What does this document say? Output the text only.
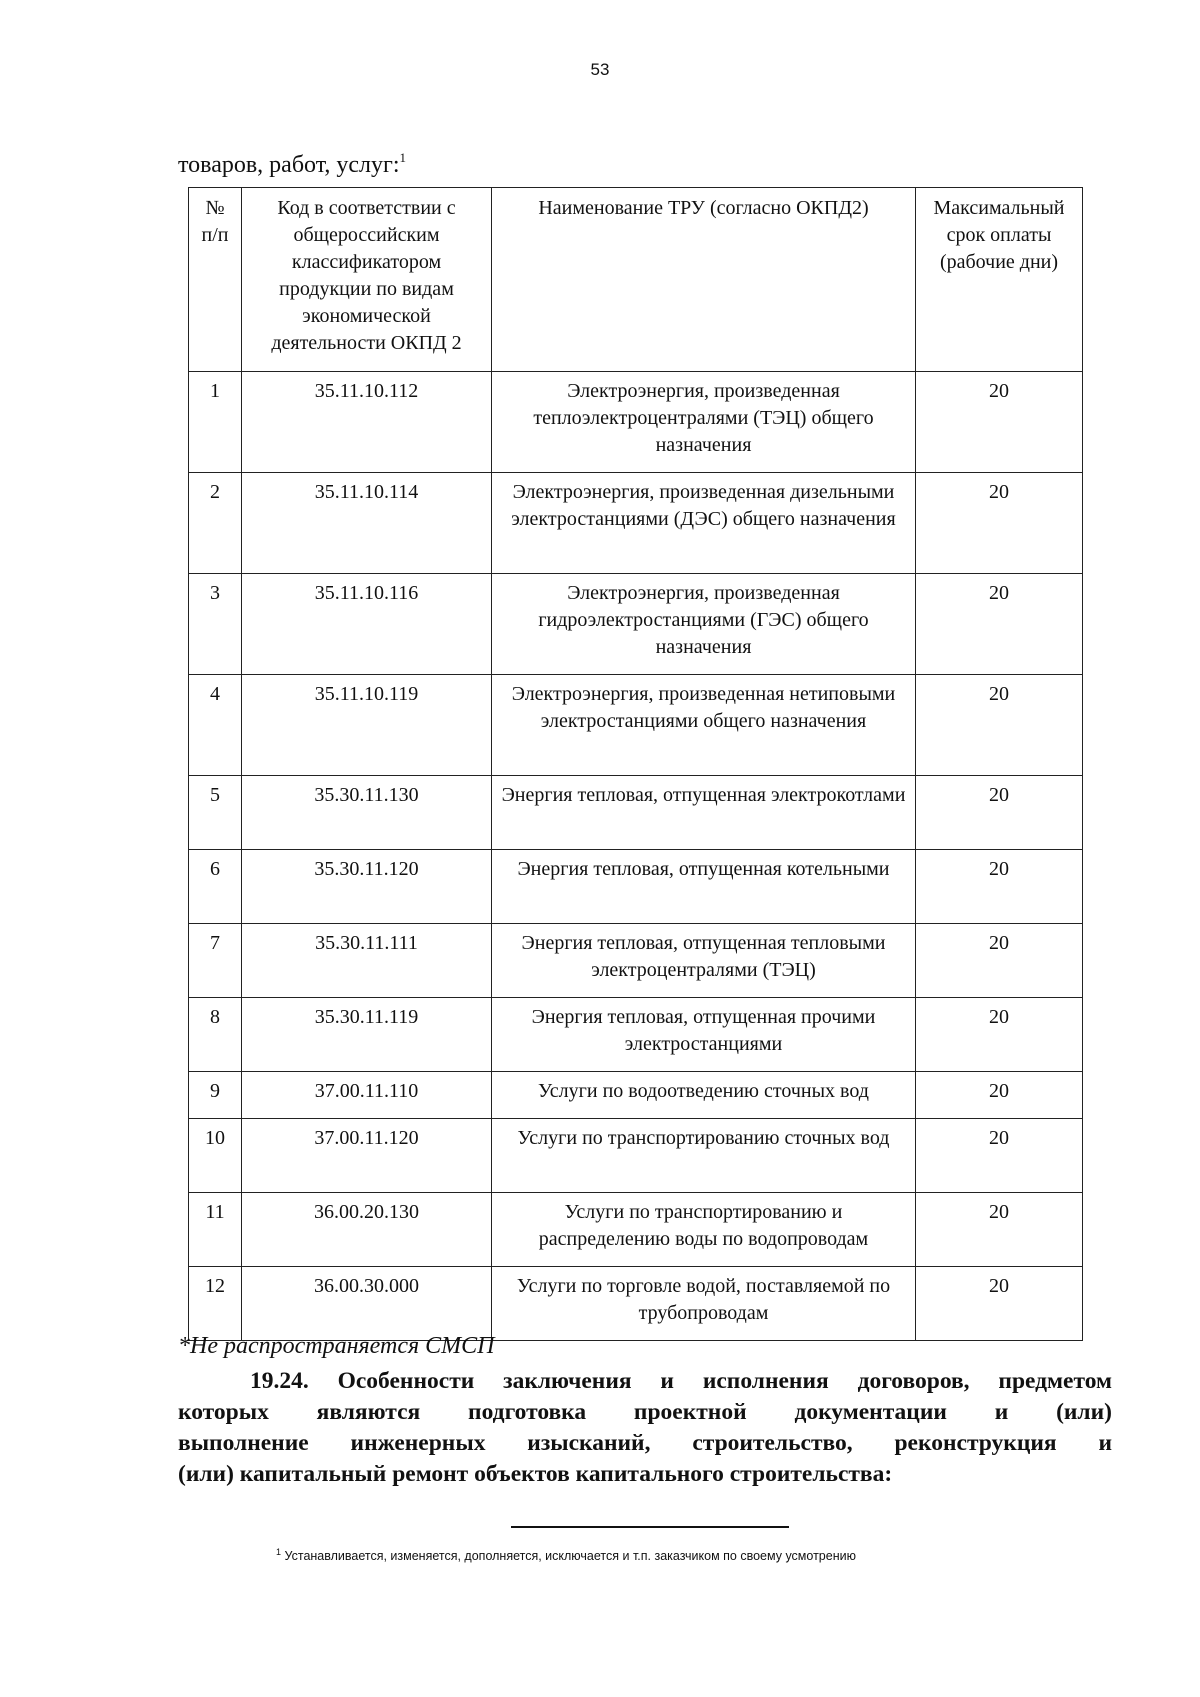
53
товаров, работ, услуг:$^1$
№ п/п	Код в соответствии с общероссийским классификатором продукции по видам экономической деятельности ОКПД 2	Наименование ТРУ (согласно ОКПД2)	Максимальный срок оплаты (рабочие дни)
1	35.11.10.112	Электроэнергия, произведенная теплоэлектроцентралями (ТЭЦ) общего назначения	20
2	35.11.10.114	Электроэнергия, произведенная дизельными электростанциями (ДЭС) общего назначения	20
3	35.11.10.116	Электроэнергия, произведенная гидроэлектростанциями (ГЭС) общего назначения	20
4	35.11.10.119	Электроэнергия, произведенная нетиповыми электростанциями общего назначения	20
5	35.30.11.130	Энергия тепловая, отпущенная электрокотлами	20
6	35.30.11.120	Энергия тепловая, отпущенная котельными	20
7	35.30.11.111	Энергия тепловая, отпущенная тепловыми электроцентралями (ТЭЦ)	20
8	35.30.11.119	Энергия тепловая, отпущенная прочими электростанциями	20
9	37.00.11.110	Услуги по водоотведению сточных вод	20
10	37.00.11.120	Услуги по транспортированию сточных вод	20
11	36.00.20.130	Услуги по транспортированию и распределению воды по водопроводам	20
12	36.00.30.000	Услуги по торговле водой, поставляемой по трубопроводам	20
*Не распространяется СМСП
19.24. Особенности заключения и исполнения договоров, предметом
которых являются подготовка проектной документации и (или)
выполнение инженерных изысканий, строительство, реконструкция и
(или) капитальный ремонт объектов капитального строительства:
$^1$ Устанавливается, изменяется, дополняется, исключается и т.п. заказчиком по своему усмотрению
